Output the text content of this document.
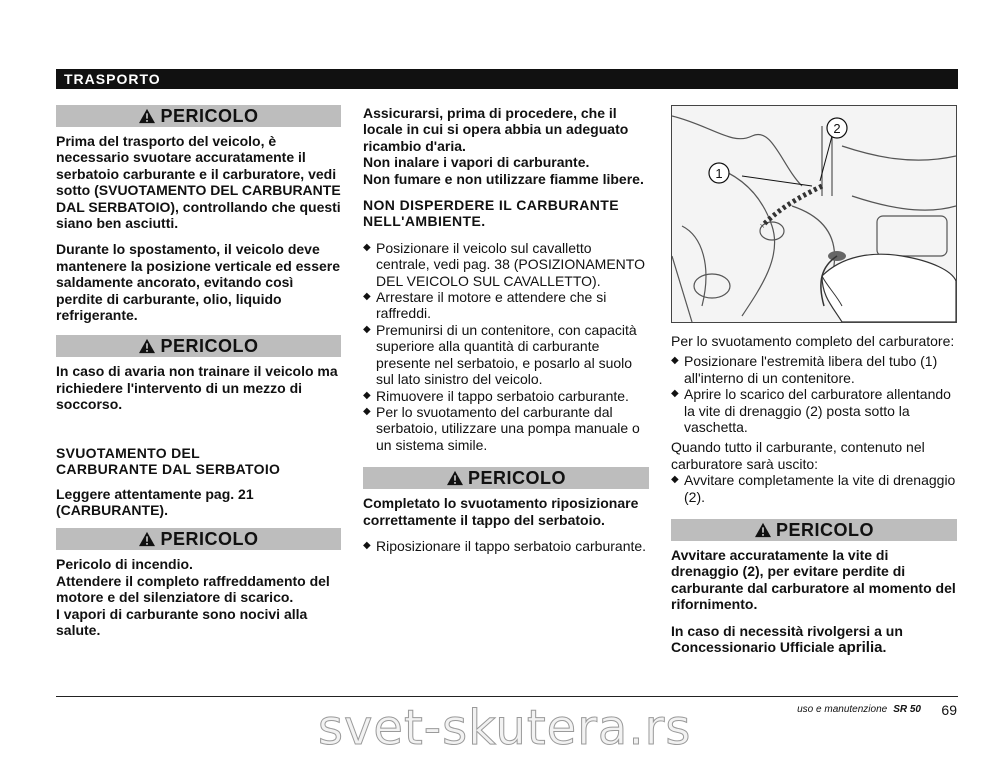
TRASPORTO
PERICOLO

Prima del trasporto del veicolo, è necessario svuotare accuratamente il serbatoio carburante e il carburatore, vedi sotto (SVUOTAMENTO DEL CARBURANTE DAL SERBATOIO), controllando che questi siano ben asciutti.

Durante lo spostamento, il veicolo deve mantenere la posizione verticale ed essere saldamente ancorato, evitando così perdite di carburante, olio, liquido refrigerante.

PERICOLO

In caso di avaria non trainare il veicolo ma richiedere l'intervento di un mezzo di soccorso.

SVUOTAMENTO DEL
CARBURANTE DAL SERBATOIO

Leggere attentamente pag. 21 (CARBURANTE).

PERICOLO
Pericolo di incendio.
Attendere il completo raffreddamento del motore e del silenziatore di scarico.
I vapori di carburante sono nocivi alla salute.

Assicurarsi, prima di procedere, che il locale in cui si opera abbia un adeguato ricambio d'aria.

Non inalare i vapori di carburante.

Non fumare e non utilizzare fiamme libere.

NON DISPERDERE IL CARBURANTE NELL'AMBIENTE.

◆ Posizionare il veicolo sul cavalletto centrale, vedi pag. 38 (POSIZIONAMENTO DEL VEICOLO SUL CAVALLETTO).
◆ Arrestare il motore e attendere che si raffreddi.
◆ Premunirsi di un contenitore, con capacità superiore alla quantità di carburante presente nel serbatoio, e posarlo al suolo sul lato sinistro del veicolo.
◆ Rimuovere il tappo serbatoio carburante.
◆ Per lo svuotamento del carburante dal serbatoio, utilizzare una pompa manuale o un sistema simile.
PERICOLO

Completato lo svuotamento riposizionare correttamente il tappo del serbatoio.

◆ Riposizionare il tappo serbatoio carburante.
1
2

Per lo svuotamento completo del carburatore:

◆ Posizionare l'estremità libera del tubo (1) all'interno di un contenitore.
◆ Aprire lo scarico del carburatore allentando la vite di drenaggio (2) posta sotto la vaschetta.

Quando tutto il carburante, contenuto nel carburatore sarà uscito:

◆ Avvitare completamente la vite di drenaggio (2).
PERICOLO

Avvitare accuratamente la vite di drenaggio (2), per evitare perdite di carburante dal carburatore al momento del rifornimento.

In caso di necessità rivolgersi a un Concessionario Ufficiale aprilia.

uso e manutenzione SR 50 69
svet-skutera.rs
